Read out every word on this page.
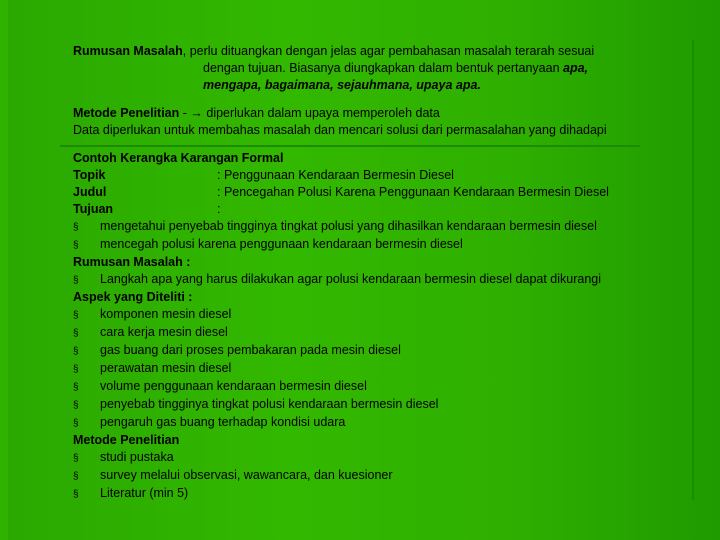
Rumusan Masalah, perlu dituangkan dengan jelas agar pembahasan masalah terarah sesuai
dengan tujuan. Biasanya diungkapkan dalam bentuk pertanyaan apa,
mengapa, bagaimana, sejauhmana, upaya apa.
Metode Penelitian - → diperlukan dalam upaya memperoleh data
Data diperlukan untuk membahas masalah dan mencari solusi dari permasalahan yang dihadapi
Contoh Kerangka Karangan Formal
Topik	: Penggunaan Kendaraan Bermesin Diesel
Judul	: Pencegahan Polusi Karena Penggunaan Kendaraan Bermesin Diesel
Tujuan	:
§ mengetahui penyebab tingginya tingkat polusi yang dihasilkan kendaraan bermesin diesel
§ mencegah polusi karena penggunaan kendaraan bermesin diesel
Rumusan Masalah :
§ Langkah apa yang harus dilakukan agar polusi kendaraan bermesin diesel dapat dikurangi
Aspek yang Diteliti :
§ komponen mesin diesel
§ cara kerja mesin diesel
§ gas buang dari proses pembakaran pada mesin diesel
§ perawatan mesin diesel
§ volume penggunaan kendaraan bermesin diesel
§ penyebab tingginya tingkat polusi kendaraan bermesin diesel
§ pengaruh gas buang terhadap kondisi udara
Metode Penelitian
§ studi pustaka
§ survey melalui observasi, wawancara, dan kuesioner
§ Literatur (min 5)
